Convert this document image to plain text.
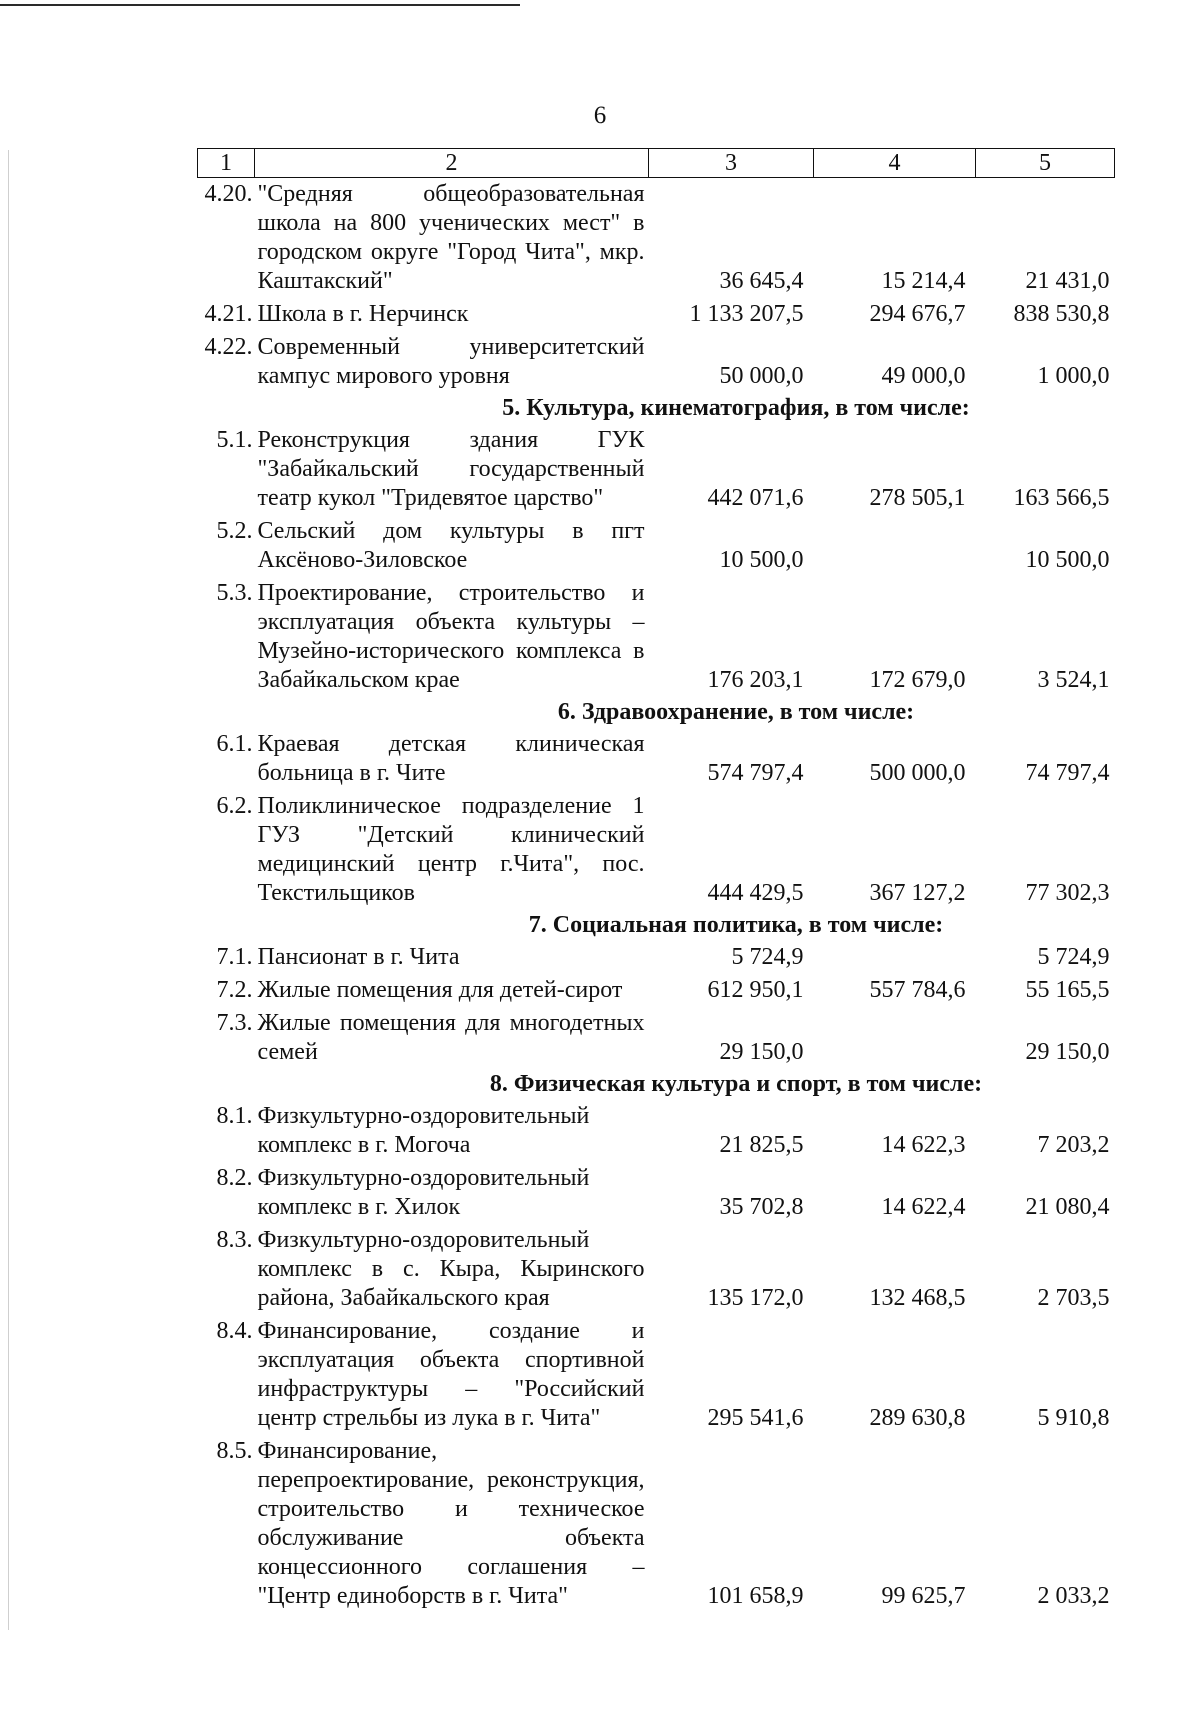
6
1	2	3	4	5
4.20.	"Средняя общеобразовательная школа на 800 ученических мест" в городском округе "Город Чита", мкр. Каштакский"	36 645,4	15 214,4	21 431,0
4.21.	Школа в г. Нерчинск	1 133 207,5	294 676,7	838 530,8
4.22.	Современный университетский кампус мирового уровня	50 000,0	49 000,0	1 000,0
5. Культура, кинематография, в том числе:				
5.1.	Реконструкция здания ГУК "Забайкальский государственный театр кукол "Тридевятое царство"	442 071,6	278 505,1	163 566,5
5.2.	Сельский дом культуры в пгт Аксёново-Зиловское	10 500,0		10 500,0
5.3.	Проектирование, строительство и эксплуатация объекта культуры – Музейно-исторического комплекса в Забайкальском крае	176 203,1	172 679,0	3 524,1
6. Здравоохранение, в том числе:				
6.1.	Краевая детская клиническая больница в г. Чите	574 797,4	500 000,0	74 797,4
6.2.	Поликлиническое подразделение 1 ГУЗ "Детский клинический медицинский центр г.Чита", пос. Текстильщиков	444 429,5	367 127,2	77 302,3
7. Социальная политика, в том числе:				
7.1.	Пансионат в г. Чита	5 724,9		5 724,9
7.2.	Жилые помещения для детей-сирот	612 950,1	557 784,6	55 165,5
7.3.	Жилые помещения для многодетных семей	29 150,0		29 150,0
8. Физическая культура и спорт, в том числе:				
8.1.	Физкультурно-оздоровительный комплекс в г. Могоча	21 825,5	14 622,3	7 203,2
8.2.	Физкультурно-оздоровительный комплекс в г. Хилок	35 702,8	14 622,4	21 080,4
8.3.	Физкультурно-оздоровительный комплекс в с. Кыра, Кыринского района, Забайкальского края	135 172,0	132 468,5	2 703,5
8.4.	Финансирование, создание и эксплуатация объекта спортивной инфраструктуры – "Российский центр стрельбы из лука в г. Чита"	295 541,6	289 630,8	5 910,8
8.5.	Финансирование, перепроектирование, реконструкция, строительство и техническое обслуживание объекта концессионного соглашения – "Центр единоборств в г. Чита"	101 658,9	99 625,7	2 033,2
